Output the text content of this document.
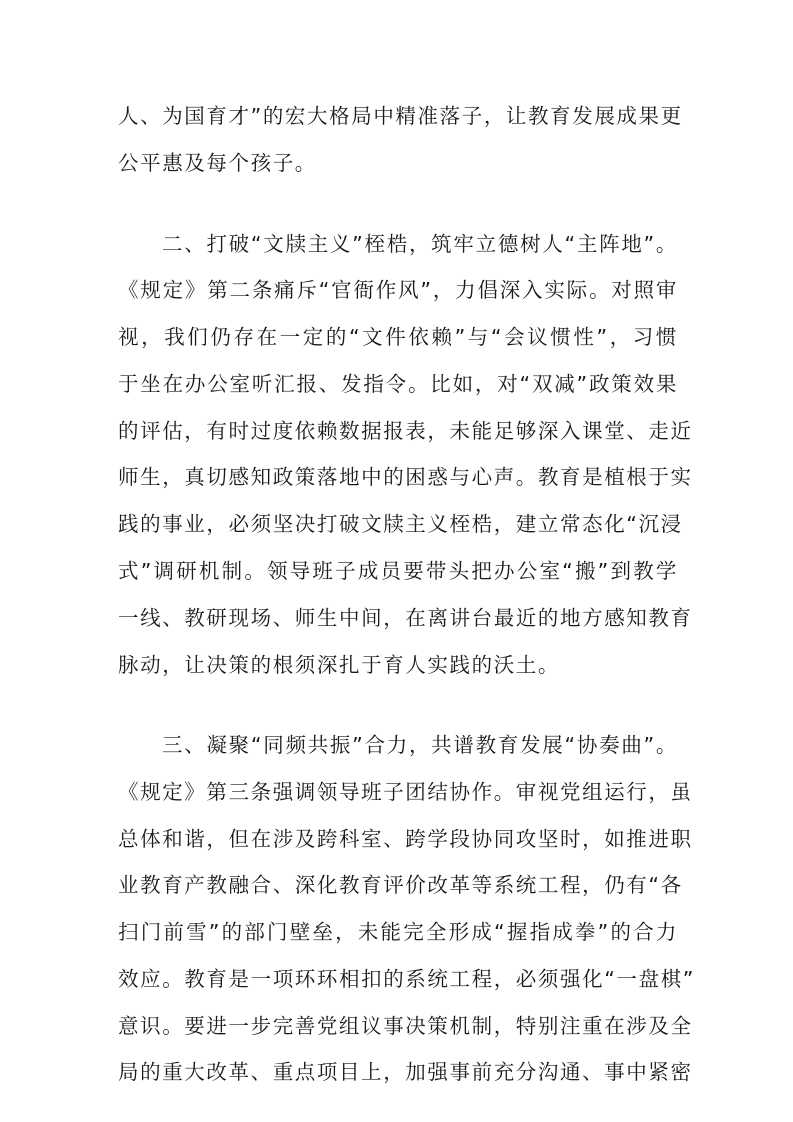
人、为国育才”的宏大格局中精准落子，让教育发展成果更
公平惠及每个孩子。
二、打破“文牍主义”桎梏，筑牢立德树人“主阵地”。
《规定》第二条痛斥“官衙作风”，力倡深入实际。对照审
视，我们仍存在一定的“文件依赖”与“会议惯性”，习惯
于坐在办公室听汇报、发指令。比如，对“双减”政策效果
的评估，有时过度依赖数据报表，未能足够深入课堂、走近
师生，真切感知政策落地中的困惑与心声。教育是植根于实
践的事业，必须坚决打破文牍主义桎梏，建立常态化“沉浸
式”调研机制。领导班子成员要带头把办公室“搬”到教学
一线、教研现场、师生中间，在离讲台最近的地方感知教育
脉动，让决策的根须深扎于育人实践的沃土。
三、凝聚“同频共振”合力，共谱教育发展“协奏曲”。
《规定》第三条强调领导班子团结协作。审视党组运行，虽
总体和谐，但在涉及跨科室、跨学段协同攻坚时，如推进职
业教育产教融合、深化教育评价改革等系统工程，仍有“各
扫门前雪”的部门壁垒，未能完全形成“握指成拳”的合力
效应。教育是一项环环相扣的系统工程，必须强化“一盘棋”
意识。要进一步完善党组议事决策机制，特别注重在涉及全
局的重大改革、重点项目上，加强事前充分沟通、事中紧密
